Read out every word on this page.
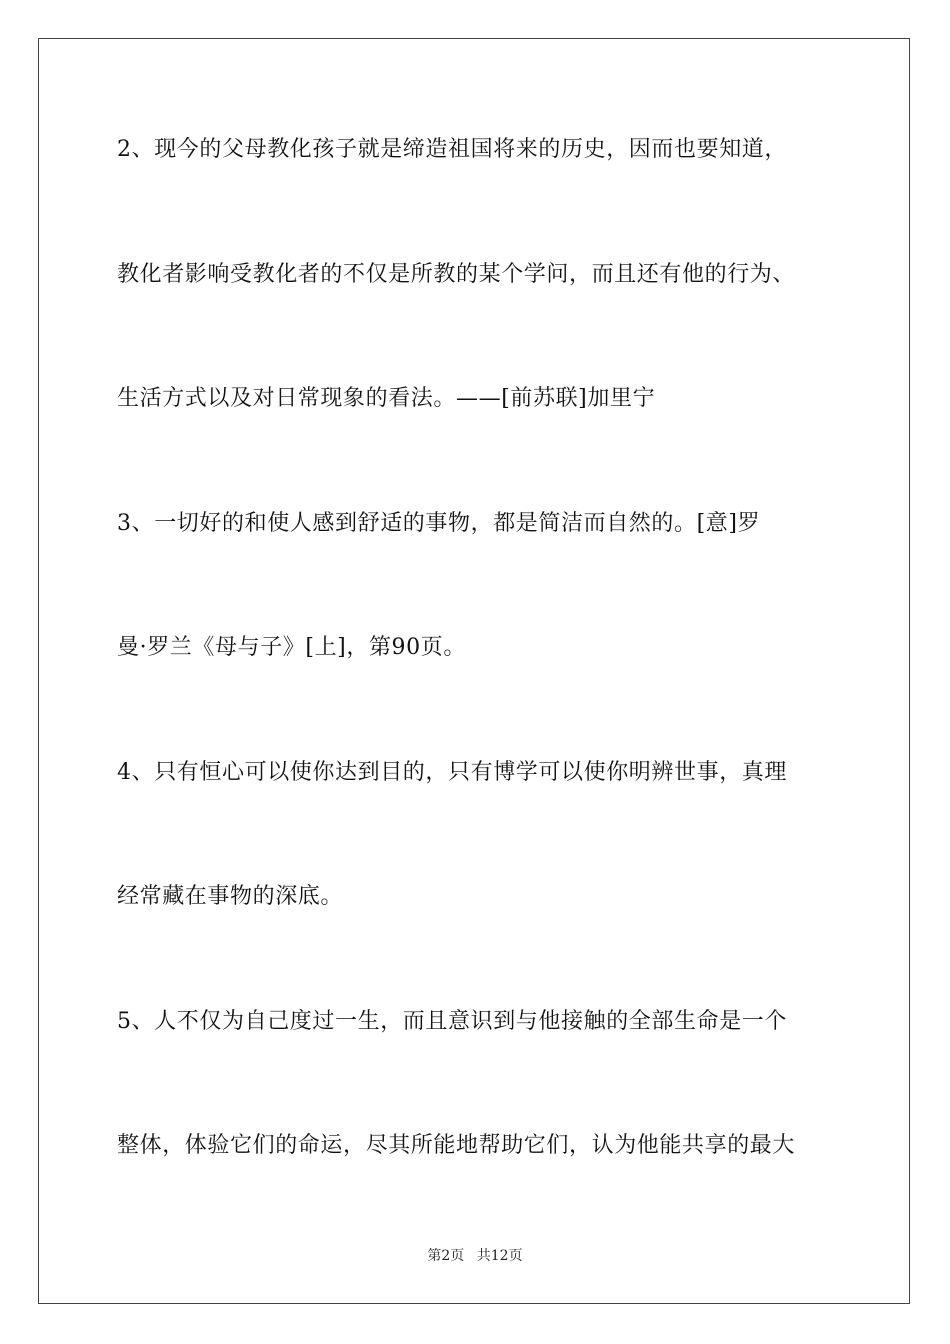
2、现今的父母教化孩子就是缔造祖国将来的历史，因而也要知道，
教化者影响受教化者的不仅是所教的某个学问，而且还有他的行为、
生活方式以及对日常现象的看法。——[前苏联]加里宁
3、一切好的和使人感到舒适的事物，都是简洁而自然的。[意]罗
曼·罗兰《母与子》[上]，第90页。
4、只有恒心可以使你达到目的，只有博学可以使你明辨世事，真理
经常藏在事物的深底。
5、人不仅为自己度过一生，而且意识到与他接触的全部生命是一个
整体，体验它们的命运，尽其所能地帮助它们，认为他能共享的最大
第2页 共12页
